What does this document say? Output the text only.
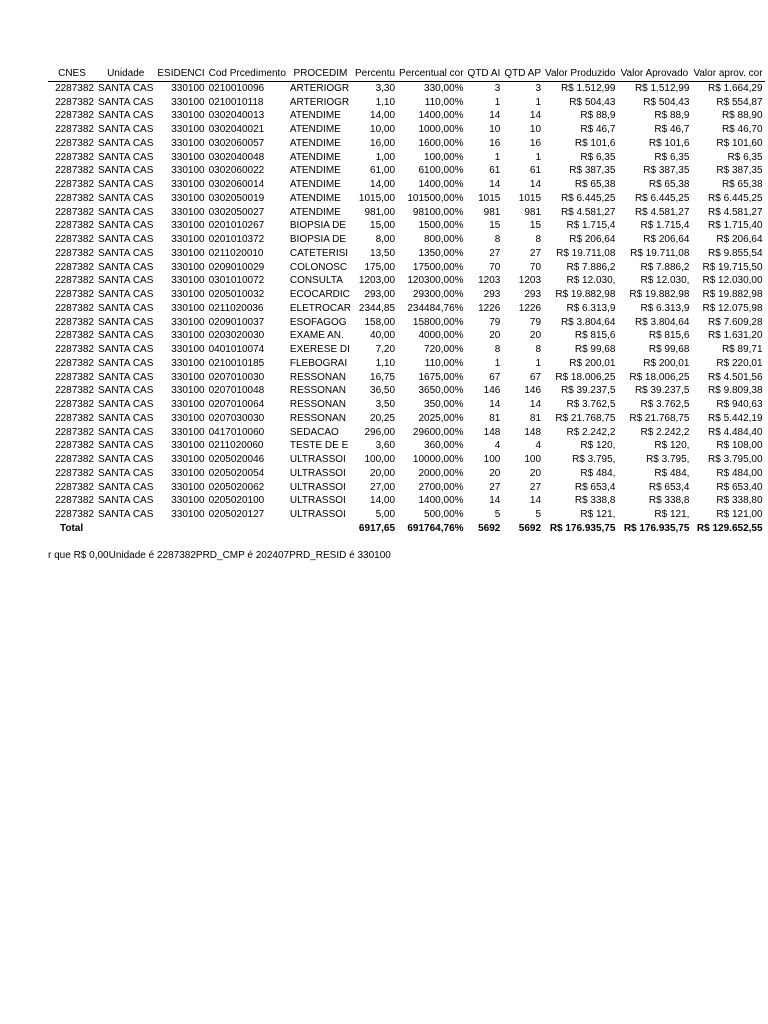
CNES	Unidade	ESIDENCI	Cod Prcedimento	PROCEDIM	Percentu	Percentual cor	QTD AI	QTD AP	Valor Produzido	Valor Aprovado	Valor aprov. cor
2287382	SANTA CAS	330100	0210010096	ARTERIOGR	3,30	330,00%	3	3	R$ 1.512,99	R$ 1.512,99	R$ 1.664,29
2287382	SANTA CAS	330100	0210010118	ARTERIOGR	1,10	110,00%	1	1	R$ 504,43	R$ 504,43	R$ 554,87
2287382	SANTA CAS	330100	0302040013	ATENDIME	14,00	1400,00%	14	14	R$ 88,9	R$ 88,9	R$ 88,90
2287382	SANTA CAS	330100	0302040021	ATENDIME	10,00	1000,00%	10	10	R$ 46,7	R$ 46,7	R$ 46,70
2287382	SANTA CAS	330100	0302060057	ATENDIME	16,00	1600,00%	16	16	R$ 101,6	R$ 101,6	R$ 101,60
2287382	SANTA CAS	330100	0302040048	ATENDIME	1,00	100,00%	1	1	R$ 6,35	R$ 6,35	R$ 6,35
2287382	SANTA CAS	330100	0302060022	ATENDIME	61,00	6100,00%	61	61	R$ 387,35	R$ 387,35	R$ 387,35
2287382	SANTA CAS	330100	0302060014	ATENDIME	14,00	1400,00%	14	14	R$ 65,38	R$ 65,38	R$ 65,38
2287382	SANTA CAS	330100	0302050019	ATENDIME	1015,00	101500,00%	1015	1015	R$ 6.445,25	R$ 6.445,25	R$ 6.445,25
2287382	SANTA CAS	330100	0302050027	ATENDIME	981,00	98100,00%	981	981	R$ 4.581,27	R$ 4.581,27	R$ 4.581,27
2287382	SANTA CAS	330100	0201010267	BIOPSIA DE	15,00	1500,00%	15	15	R$ 1.715,4	R$ 1.715,4	R$ 1.715,40
2287382	SANTA CAS	330100	0201010372	BIOPSIA DE	8,00	800,00%	8	8	R$ 206,64	R$ 206,64	R$ 206,64
2287382	SANTA CAS	330100	0211020010	CATETERISI	13,50	1350,00%	27	27	R$ 19.711,08	R$ 19.711,08	R$ 9.855,54
2287382	SANTA CAS	330100	0209010029	COLONOSC	175,00	17500,00%	70	70	R$ 7.886,2	R$ 7.886,2	R$ 19.715,50
2287382	SANTA CAS	330100	0301010072	CONSULTA	1203,00	120300,00%	1203	1203	R$ 12.030,	R$ 12.030,	R$ 12.030,00
2287382	SANTA CAS	330100	0205010032	ECOCARDIC	293,00	29300,00%	293	293	R$ 19.882,98	R$ 19.882,98	R$ 19.882,98
2287382	SANTA CAS	330100	0211020036	ELETROCAR	2344,85	234484,76%	1226	1226	R$ 6.313,9	R$ 6.313,9	R$ 12.075,98
2287382	SANTA CAS	330100	0209010037	ESOFAGOG	158,00	15800,00%	79	79	R$ 3.804,64	R$ 3.804,64	R$ 7.609,28
2287382	SANTA CAS	330100	0203020030	EXAME AN.	40,00	4000,00%	20	20	R$ 815,6	R$ 815,6	R$ 1.631,20
2287382	SANTA CAS	330100	0401010074	EXERESE DI	7,20	720,00%	8	8	R$ 99,68	R$ 99,68	R$ 89,71
2287382	SANTA CAS	330100	0210010185	FLEBOGRAI	1,10	110,00%	1	1	R$ 200,01	R$ 200,01	R$ 220,01
2287382	SANTA CAS	330100	0207010030	RESSONAN	16,75	1675,00%	67	67	R$ 18.006,25	R$ 18.006,25	R$ 4.501,56
2287382	SANTA CAS	330100	0207010048	RESSONAN	36,50	3650,00%	146	146	R$ 39.237,5	R$ 39.237,5	R$ 9.809,38
2287382	SANTA CAS	330100	0207010064	RESSONAN	3,50	350,00%	14	14	R$ 3.762,5	R$ 3.762,5	R$ 940,63
2287382	SANTA CAS	330100	0207030030	RESSONAN	20,25	2025,00%	81	81	R$ 21.768,75	R$ 21.768,75	R$ 5.442,19
2287382	SANTA CAS	330100	0417010060	SEDACAO	296,00	29600,00%	148	148	R$ 2.242,2	R$ 2.242,2	R$ 4.484,40
2287382	SANTA CAS	330100	0211020060	TESTE DE E	3,60	360,00%	4	4	R$ 120,	R$ 120,	R$ 108,00
2287382	SANTA CAS	330100	0205020046	ULTRASSOI	100,00	10000,00%	100	100	R$ 3.795,	R$ 3.795,	R$ 3.795,00
2287382	SANTA CAS	330100	0205020054	ULTRASSOI	20,00	2000,00%	20	20	R$ 484,	R$ 484,	R$ 484,00
2287382	SANTA CAS	330100	0205020062	ULTRASSOI	27,00	2700,00%	27	27	R$ 653,4	R$ 653,4	R$ 653,40
2287382	SANTA CAS	330100	0205020100	ULTRASSOI	14,00	1400,00%	14	14	R$ 338,8	R$ 338,8	R$ 338,80
2287382	SANTA CAS	330100	0205020127	ULTRASSOI	5,00	500,00%	5	5	R$ 121,	R$ 121,	R$ 121,00
Total					6917,65	691764,76%	5692	5692	R$ 176.935,75	R$ 176.935,75	R$ 129.652,55
r que R$ 0,00Unidade é 2287382PRD_CMP é 202407PRD_RESID é 330100
